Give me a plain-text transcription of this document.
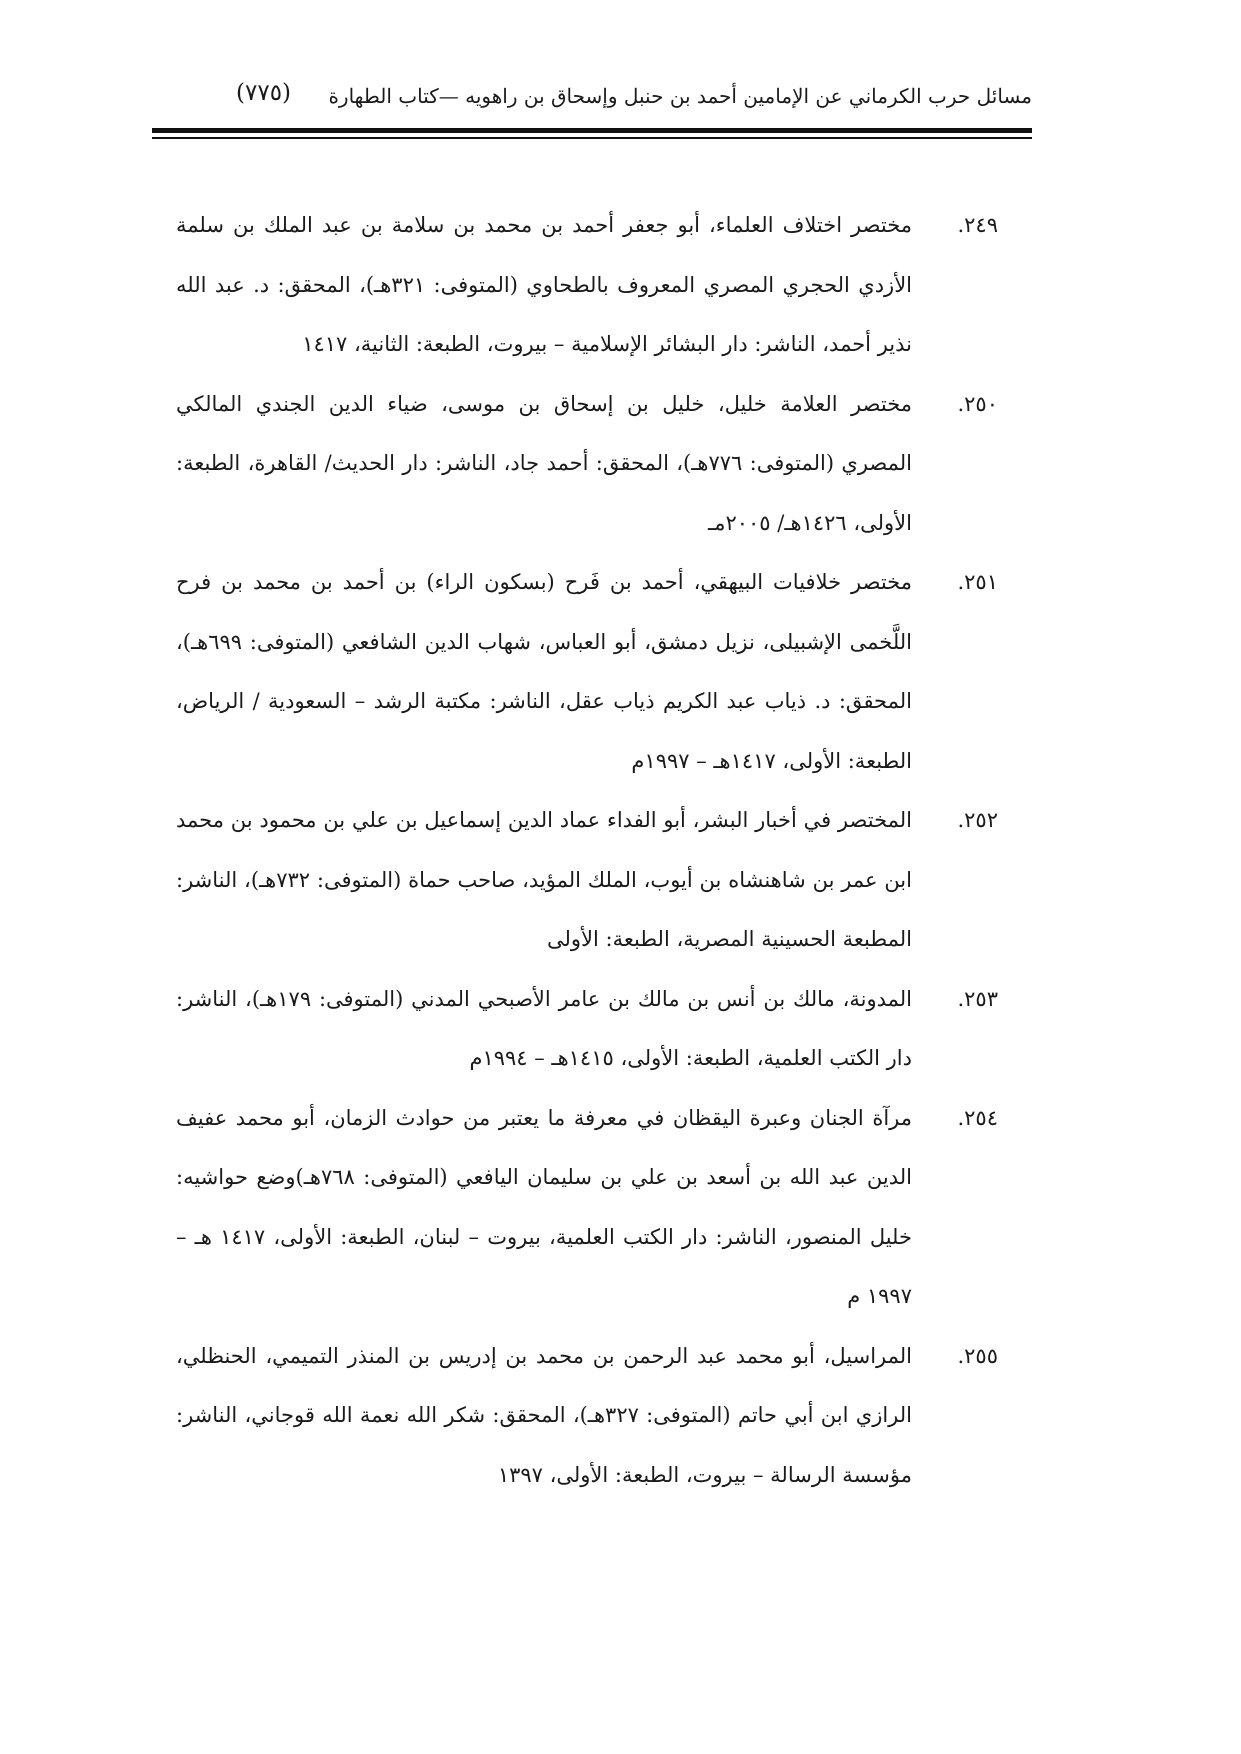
مسائل حرب الكرماني عن الإمامين أحمد بن حنبل وإسحاق بن راهويه —كتاب الطهارة
(٧٧٥)
٢٤٩.
مختصر اختلاف العلماء، أبو جعفر أحمد بن محمد بن سلامة بن عبد الملك بن سلمة الأزدي الحجري المصري المعروف بالطحاوي (المتوفى: ٣٢١هـ)، المحقق: د. عبد الله نذير أحمد، الناشر: دار البشائر الإسلامية – بيروت، الطبعة: الثانية، ١٤١٧
٢٥٠.
مختصر العلامة خليل، خليل بن إسحاق بن موسى، ضياء الدين الجندي المالكي المصري (المتوفى: ٧٧٦هـ)، المحقق: أحمد جاد، الناشر: دار الحديث/ القاهرة، الطبعة: الأولى، ١٤٢٦هـ/ ٢٠٠٥مـ
٢٥١.
مختصر خلافيات البيهقي، أحمد بن فَرح (بسكون الراء) بن أحمد بن محمد بن فرح اللَّخمى الإشبيلى، نزيل دمشق، أبو العباس، شهاب الدين الشافعي (المتوفى: ٦٩٩هـ)، المحقق: د. ذياب عبد الكريم ذياب عقل، الناشر: مكتبة الرشد – السعودية / الرياض، الطبعة: الأولى، ١٤١٧هـ – ١٩٩٧م
٢٥٢.
المختصر في أخبار البشر، أبو الفداء عماد الدين إسماعيل بن علي بن محمود بن محمد ابن عمر بن شاهنشاه بن أيوب، الملك المؤيد، صاحب حماة (المتوفى: ٧٣٢هـ)، الناشر: المطبعة الحسينية المصرية، الطبعة: الأولى
٢٥٣.
المدونة، مالك بن أنس بن مالك بن عامر الأصبحي المدني (المتوفى: ١٧٩هـ)، الناشر: دار الكتب العلمية، الطبعة: الأولى، ١٤١٥هـ – ١٩٩٤م
٢٥٤.
مرآة الجنان وعبرة اليقظان في معرفة ما يعتبر من حوادث الزمان، أبو محمد عفيف الدين عبد الله بن أسعد بن علي بن سليمان اليافعي (المتوفى: ٧٦٨هـ)وضع حواشيه: خليل المنصور، الناشر: دار الكتب العلمية، بيروت – لبنان، الطبعة: الأولى، ١٤١٧ هـ – ١٩٩٧ م
٢٥٥.
المراسيل، أبو محمد عبد الرحمن بن محمد بن إدريس بن المنذر التميمي، الحنظلي، الرازي ابن أبي حاتم (المتوفى: ٣٢٧هـ)، المحقق: شكر الله نعمة الله قوجاني، الناشر: مؤسسة الرسالة – بيروت، الطبعة: الأولى، ١٣٩٧
